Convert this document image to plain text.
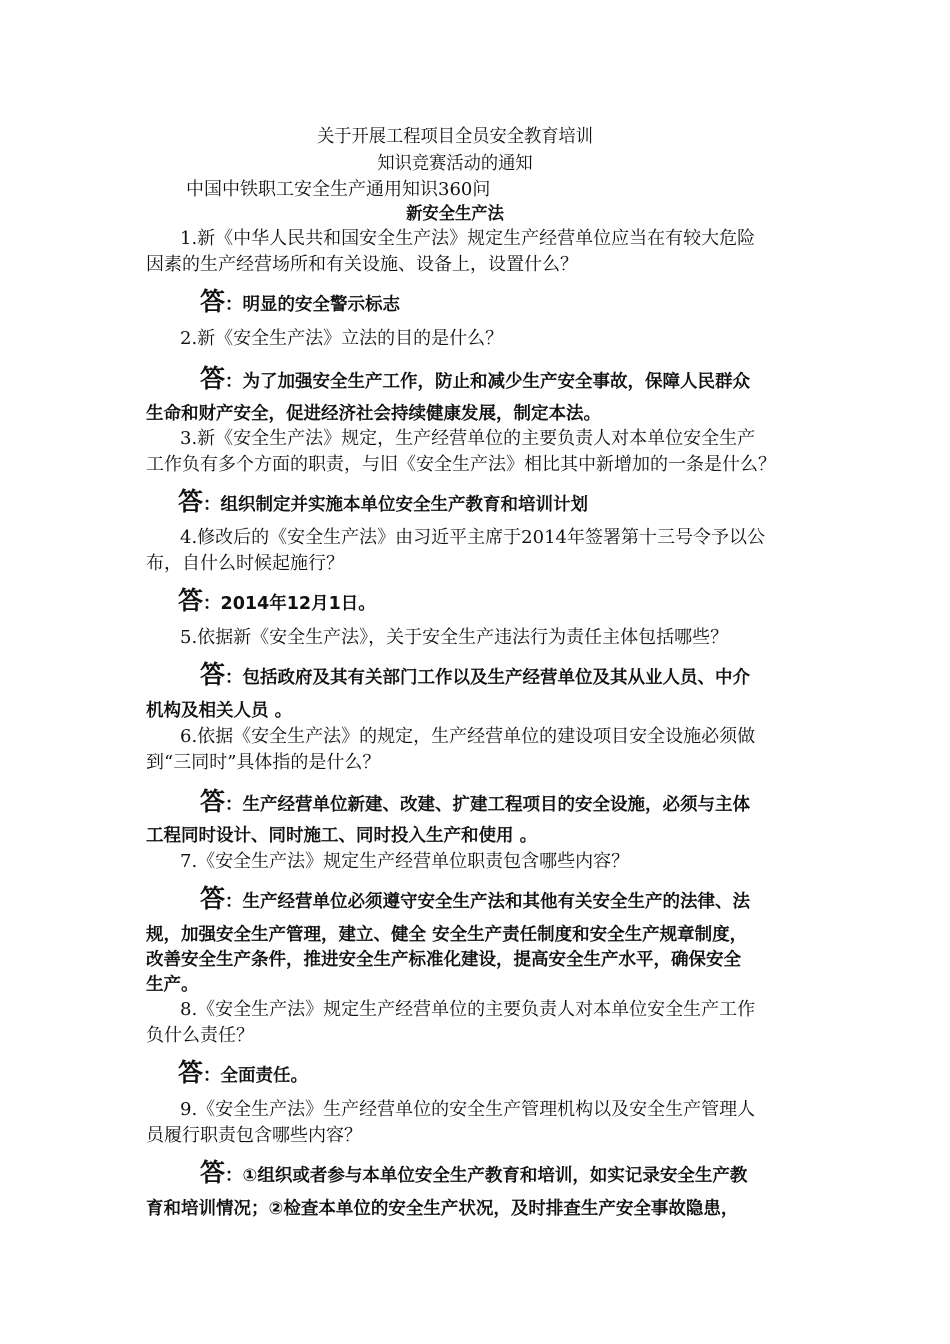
关于开展工程项目全员安全教育培训
知识竞赛活动的通知
中国中铁职工安全生产通用知识360问
新安全生产法
1.新《中华人民共和国安全生产法》规定生产经营单位应当在有较大危险
因素的生产经营场所和有关设施、设备上，设置什么？
答：明显的安全警示标志
2.新《安全生产法》立法的目的是什么？
答：为了加强安全生产工作，防止和减少生产安全事故，保障人民群众
生命和财产安全，促进经济社会持续健康发展，制定本法。
3.新《安全生产法》规定，生产经营单位的主要负责人对本单位安全生产
工作负有多个方面的职责，与旧《安全生产法》相比其中新增加的一条是什么？
答：组织制定并实施本单位安全生产教育和培训计划
4.修改后的《安全生产法》由习近平主席于2014年签署第十三号令予以公
布，自什么时候起施行？
答：2014年12月1日。
5.依据新《安全生产法》，关于安全生产违法行为责任主体包括哪些？
答：包括政府及其有关部门工作以及生产经营单位及其从业人员、中介
机构及相关人员 。
6.依据《安全生产法》的规定，生产经营单位的建设项目安全设施必须做
到“三同时”具体指的是什么？
答：生产经营单位新建、改建、扩建工程项目的安全设施，必须与主体
工程同时设计、同时施工、同时投入生产和使用 。
7.《安全生产法》规定生产经营单位职责包含哪些内容？
答：生产经营单位必须遵守安全生产法和其他有关安全生产的法律、法
规，加强安全生产管理，建立、健全 安全生产责任制度和安全生产规章制度，
改善安全生产条件，推进安全生产标准化建设，提高安全生产水平，确保安全
生产。
8.《安全生产法》规定生产经营单位的主要负责人对本单位安全生产工作
负什么责任？
答：全面责任。
9.《安全生产法》生产经营单位的安全生产管理机构以及安全生产管理人
员履行职责包含哪些内容？
答：①组织或者参与本单位安全生产教育和培训，如实记录安全生产教
育和培训情况；②检查本单位的安全生产状况，及时排查生产安全事故隐患，
